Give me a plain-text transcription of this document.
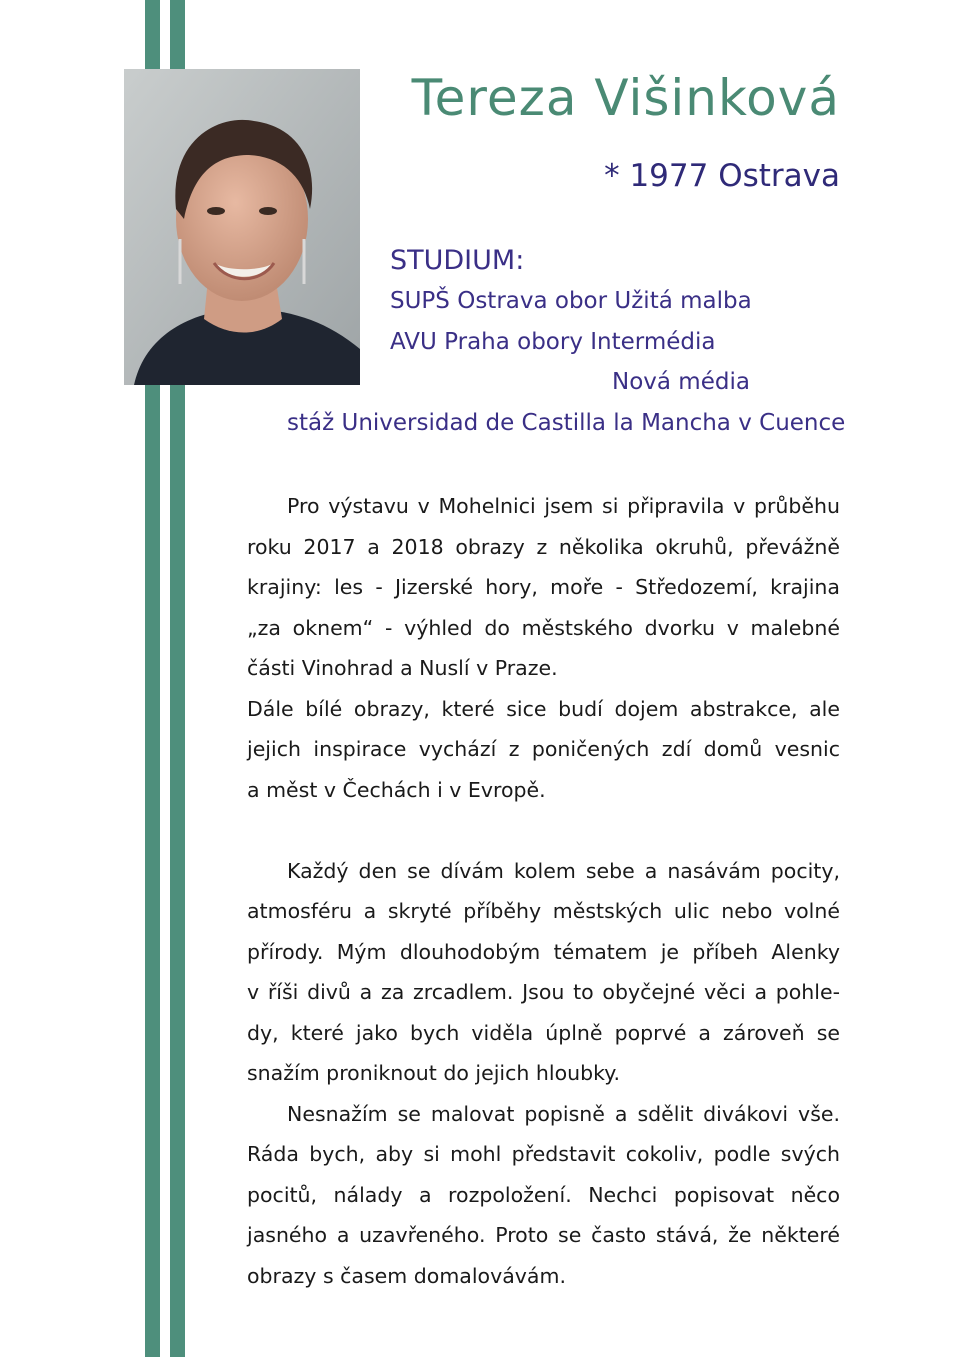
Tereza Višinková
* 1977 Ostrava
STUDIUM:
SUPŠ Ostrava obor Užitá malba
AVU Praha obory Intermédia
Nová média
stáž Universidad de Castilla la Mancha v Cuence
Pro výstavu v Mohelnici jsem si připravila v průběhu
roku 2017 a 2018 obrazy z několika okruhů, převážně
krajiny: les - Jizerské hory, moře - Středozemí, krajina
„za oknem“ - výhled do městského dvorku v malebné
části Vinohrad a Nuslí v Praze.
Dále bílé obrazy, které sice budí dojem abstrakce, ale
jejich inspirace vychází z poničených zdí domů vesnic
a měst v Čechách i v Evropě.
Každý den se dívám kolem sebe a nasávám pocity,
atmosféru a skryté příběhy městských ulic nebo volné
přírody. Mým dlouhodobým tématem je příbeh Alenky
v říši divů a za zrcadlem. Jsou to obyčejné věci a pohle-
dy, které jako bych viděla úplně poprvé a zároveň se
snažím proniknout do jejich hloubky.
Nesnažím se malovat popisně a sdělit divákovi vše.
Ráda bych, aby si mohl představit cokoliv, podle svých
pocitů, nálady a rozpoložení. Nechci popisovat něco
jasného a uzavřeného. Proto se často stává, že některé
obrazy s časem domalovávám.
